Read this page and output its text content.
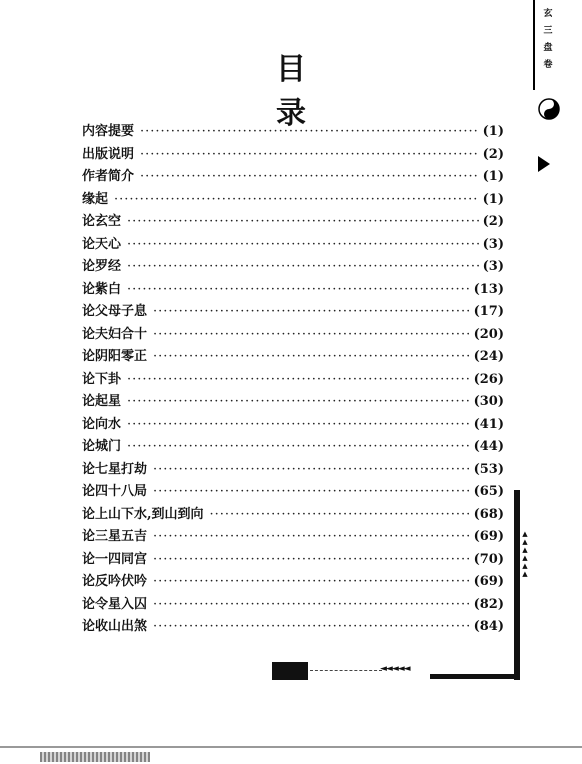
玄
三
盘
卷
目 录
内容提要 ·····	(1)
出版说明 ·····	(2)
作者简介 ·····	(1)
缘起 ·····	(1)
论玄空 ·····	(2)
论天心 ·····	(3)
论罗经 ·····	(3)
论紫白 ·····	(13)
论父母子息 ·····	(17)
论夫妇合十 ·····	(20)
论阴阳零正 ·····	(24)
论下卦 ·····	(26)
论起星 ·····	(30)
论向水 ·····	(41)
论城门 ·····	(44)
论七星打劫 ·····	(53)
论四十八局 ·····	(65)
论上山下水,到山到向 ·····	(68)
论三星五吉 ·····	(69)
论一四同宫 ·····	(70)
论反吟伏吟 ·····	(69)
论令星入囚 ·····	(82)
论收山出煞 ·····	(84)
▲
▲
▲
▲
▲
▲
◄◄◄◄◄
